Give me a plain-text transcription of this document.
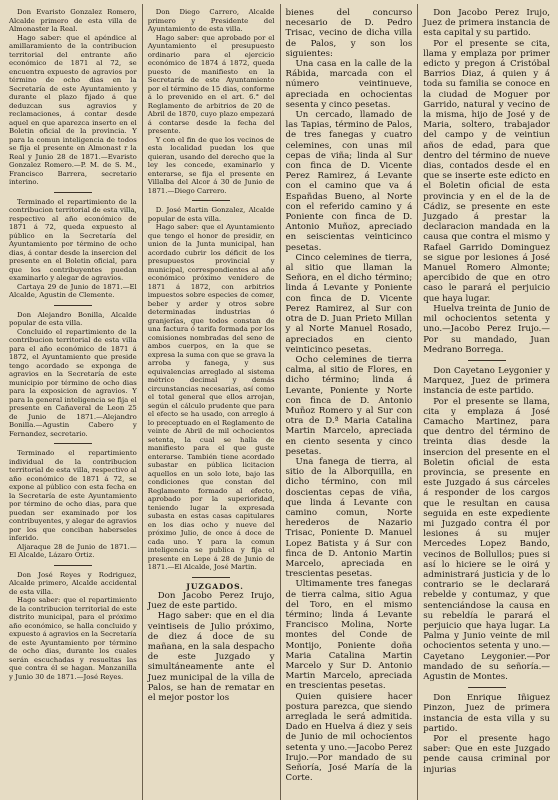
Don Evaristo Gonzalez Romero, Alcalde primero de esta villa de Almonaster la Real.

Hago saber: que el apéndice al amillaramiento de la contribucion territorial del entrante año económico de 1871 al 72, se encuentra expuesto de agravios por término de ocho dias en la Secretaría de este Ayuntamiento y durante el plazo fijado á que deduzcan sus agravios y reclamaciones, á contar desde aquel en que aparezca inserto en el Boletin oficial de la provincia. Y para la comun inteligencia de todos se fija el presente en Almonast r la Real y Junio 28 de 1871.—Evaristo Gonzalez Romero.—P. M. de S. M., Francisco Barrera, secretario interino.

Terminado el repartimiento de la contribucion territorial de esta villa, respectivo al año económico de 1871 á 72, queda expuesto al público en la Secretaría del Ayuntamiento por término de ocho dias, á contar desde la insercion del presente en el Boletin oficial, para que los contribuyentes puedan examinarlo y alegar de agravios.

Cartaya 29 de Junio de 1871.—El Alcalde, Agustin de Clemente.

Don Alejandro Bonilla, Alcalde popular de esta villa.

Concluido el repartimiento de la contribucion territorial de esta villa para el año económico de 1871 á 1872, el Ayuntamiento que preside tengo acordado se exponga de agravios en la Secretaría de este municipio por término de ocho dias para la exposicion de agravios. Y para la general inteligencia se fija el presente en Cañaveral de Leon 25 de Junio de 1871.—Alejandro Bonilla.—Agustin Cabero y Fernandez, secretario.

Terminado el repartimiento individual de la contribucion territorial de esta villa, respectivo al año económico de 1871 á 72, se expone al público con esta fecha en la Secretaría de este Ayuntamiento por término de ocho dias, para que puedan ser examinado por los contribuyentes, y alegar de agravios por los que conciban haberseles inferido.

Aljaraque 28 de Junio de 1871.—El Alcalde, Lázaro Ortiz.

Don José Reyes y Rodriguez, Alcalde primero, Alcalde accidental de esta villa.

Hago saber: que el repartimiento de la contribucion territorial de este distrito municipal, para el próximo año económico, se halla concluido y expuesto á agravios en la Secretaría de este Ayuntamiento por término de ocho dias, durante los cuales serán escuchadas y resueltas las que contra él se hagan. Manzanilla y Junio 30 de 1871.—José Reyes.

Don Diego Carrero, Alcalde primero y Presidente del Ayuntamiento de esta villa.

Hago saber: que aprobado por el Ayuntamiento el presupuesto ordinario para el ejercicio económico de 1874 á 1872, queda puesto de manifiesto en la Secretaría de este Ayuntamiento por el término de 15 dias, conforme á lo prevenido en el art. 6.° del Reglamento de arbitrios de 20 de Abril de 1870, cuyo plazo empezará á contarse desde la fecha del presente.

Y con el fin de que los vecinos de esta localidad puedan los que quieran, usando del derecho que la ley les concede, examinarlo y enterarse, se fija el presente en Villalba del Alcor á 30 de Junio de 1871.—Diego Carrero.

D. José Martin Gonzalez, Alcalde popular de esta villa.

Hago saber: que el Ayuntamiento que tengo el honor de presidir, en union de la Junta municipal, han acordado cubrir los déficit de los presupuestos provincial y municipal, correspondientes al año económico próximo venidero de 1871 á 1872, con arbitrios impuestos sobre especies de comer, beber y arder y otros sobre determinadas industrias ó granjerías, que todos constan de una factura ó tarifa formada por los comisiones nombradas del seno de ambos cuerpos, en la que se expresa la suma con que se grava la arroba y fanega, y sus equivalencias arreglado al sistema métrico decimal y demás circunstancias necesarias, así como el total general que ellos arrojan, según el cálculo prudente que para el efecto se ha usado, con arreglo á lo preceptuado en el Reglamento de veinte de Abril de mil ochocientos setenta, la cual se halla de manifiesto para el que guste enterarse. También tiene acordado subastar en pública licitacion aquellos en un solo lote, bajo las condiciones que constan del Reglamento formado al efecto, aprobado por la superioridad, teniendo lugar la expresada subasta en estas casas capitulares en los dias ocho y nueve del próximo Julio, de once á doce de cada uno. Y para la comun inteligencia se publica y fija el presente en Lepe á 28 de Junio de 1871.—El Alcalde, José Martin.

JUZGADOS.

Don Jacobo Perez Irujo, Juez de este partido.

Hago saber: que en el dia veintiseis de Julio próximo, de diez á doce de su mañana, en la sala despacho de este Juzgado y simultáneamente ante el Juez municipal de la villa de Palos, se han de rematar en el mejor postor los

bienes del concurso necesario de D. Pedro Trisac, vecino de dicha villa de Palos, y son los siguientes:

Una casa en la calle de la Rábida, marcada con el número veintinueve, apreciada en ochocientas sesenta y cinco pesetas.

Un cercado, llamado de las Tapias, término de Palos, de tres fanegas y cuatro celemines, con unas mil cepas de viña; linda al Sur con finca de D. Vicente Perez Ramirez, á Levante con el camino que va á Españdas Bueno, al Norte con el referido camino y á Poniente con finca de D. Antonio Muñoz, apreciado en seiscientas veinticinco pesetas.

Cinco celemines de tierra, al sitio que llaman la Señora, en el dicho término; linda á Levante y Poniente con finca de D. Vicente Perez Ramirez, al Sur con otra de D. Juan Prieto Millan y al Norte Manuel Rosado, apreciados en ciento veinticinco pesetas.

Ocho celemines de tierra calma, al sitio de Flores, en dicho término; linda á Levante, Poniente y Norte con finca de D. Antonio Muñoz Romero y al Sur con otra de D.ª Maria Catalina Martin Marcelo, apreciada en ciento sesenta y cinco pesetas.

Una fanega de tierra, al sitio de la Alborquilla, en dicho término, con mil doscientas cepas de viña, que linda á Levante con camino comun, Norte herederos de Nazario Trisac, Poniente D. Manuel Lopez Batista y á Sur con finca de D. Antonio Martin Marcelo, apreciada en trescientas pesetas.

Ultimamente tres fanegas de tierra calma, sitio Agua del Toro, en el mismo término; linda á Levante Francisco Molina, Norte montes del Conde de Montijo, Poniente doña Maria Catalina Martin Marcelo y Sur D. Antonio Martin Marcelo, apreciada en trescientas pesetas.

Quien quisiere hacer postura parezca, que siendo arreglada le será admitida. Dado en Huelva á diez y seis de Junio de mil ochocientos setenta y uno.—Jacobo Perez Irujo.—Por mandado de su Señoría, José María de la Corte.

Don Jacobo Perez Irujo, Juez de primera instancia de esta capital y su partido.

Por el presente se cita, llama y emplaza por primer edicto y pregon á Cristóbal Barrios Diaz, á quien y á toda su familia se conoce en la ciudad de Moguer por Garrido, natural y vecino de la misma, hijo de José y de Maria, soltero, trabajador del campo y de veintiun años de edad, para que dentro del término de nueve dias, contados desde el en que se inserte este edicto en el Boletin oficial de esta provincia y en el de la de Cádiz, se presente en este Juzgado á prestar la declaracion mandada en la causa que contra el mismo y Rafael Garrido Dominguez se sigue por lesiones á José Manuel Romero Almonte; apercibido de que en otro caso le parará el perjuicio que haya lugar.

Huelva treinta de Junio de mil ochocientos setenta y uno.—Jacobo Perez Irujo.—Por su mandado, Juan Medrano Borrega.

Don Cayetano Leygonier y Marquez, Juez de primera instancia de este partido.

Por el presente se llama, cita y emplaza á José Camacho Martinez, para que dentro del término de treinta dias desde la insercion del presente en el Boletin oficial de esta provincia, se presente en este Juzgado á sus cárceles á responder de los cargos que le resultan en causa seguida en este expediente mi Juzgado contra él por lesiones á su mujer Mercedes Lopez Bando, vecinos de Bollullos; pues si así lo hiciere se le oirá y administrará justicia y de lo contrario se le declarará rebelde y contumaz, y que sentenciándose la causa en su rebeldía le parará el perjuicio que haya lugar. La Palma y Junio veinte de mil ochocientos setenta y uno.—Cayetano Leygonier.—Por mandado de su señoría.—Agustin de Montes.

Don Enrique Iñiguez Pinzon, Juez de primera instancia de esta villa y su partido.

Por el presente hago saber: Que en este Juzgado pende causa criminal por injurias
